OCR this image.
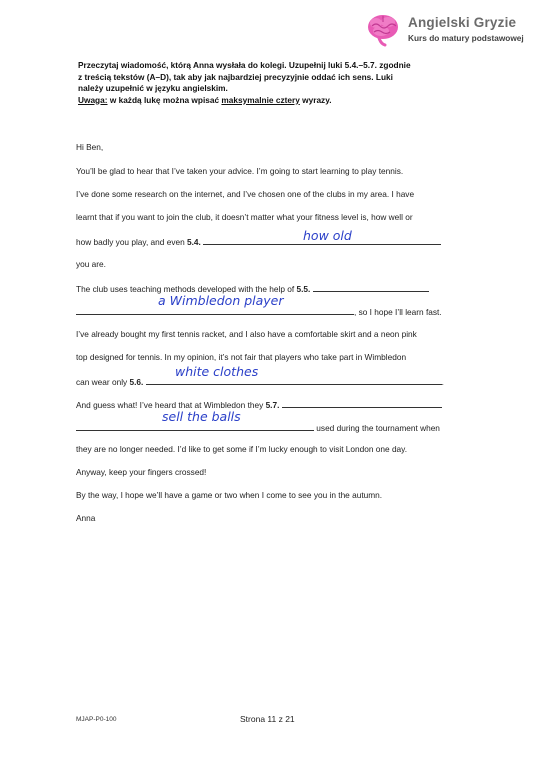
Angielski Gryzie
Kurs do matury podstawowej
Przeczytaj wiadomość, którą Anna wysłała do kolegi. Uzupełnij luki 5.4.–5.7. zgodnie
z treścią tekstów (A–D), tak aby jak najbardziej precyzyjnie oddać ich sens. Luki
należy uzupełnić w języku angielskim.
Uwaga: w każdą lukę można wpisać maksymalnie cztery wyrazy.
Hi Ben,
You’ll be glad to hear that I’ve taken your advice. I’m going to start learning to play tennis.
I’ve done some research on the internet, and I’ve chosen one of the clubs in my area. I have
learnt that if you want to join the club, it doesn’t matter what your fitness level is, how well or
how badly you play, and even 5.4.	how old
you are.
The club uses teaching methods developed with the help of 5.5.
, so I hope I’ll learn fast.
a Wimbledon player
I’ve already bought my first tennis racket, and I also have a comfortable skirt and a neon pink
top designed for tennis. In my opinion, it’s not fair that players who take part in Wimbledon
can wear only 5.6.	.
white clothes
And guess what! I’ve heard that at Wimbledon they 5.7.
used during the tournament when
sell the balls
they are no longer needed. I’d like to get some if I’m lucky enough to visit London one day.
Anyway, keep your fingers crossed!
By the way, I hope we’ll have a game or two when I come to see you in the autumn.
Anna
MJAP-P0-100	Strona 11 z 21
